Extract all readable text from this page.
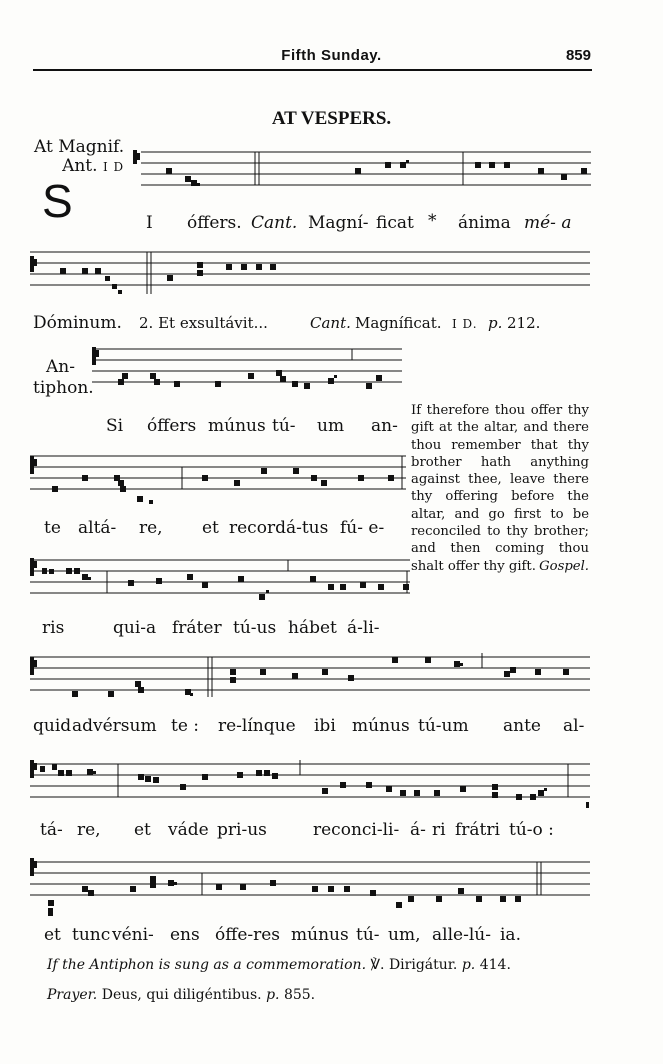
Fifth Sunday.	859
AT VESPERS.
At Magnif.
Ant. I D
S	I óffers. Cant. Magní- ficat * ánima mé- a
Dóminum. 2. Et exsultávit...	Cant. Magníficat. I D. p. 212.
An-
tiphon.
Si óffers múnus tú- um an-
te altá- re, et recordá-tus fú- e-
ris	qui-a fráter tú-us hábet á-li-
If therefore thou offer thy gift at the altar, and there thou remember that thy brother hath anything against thee, leave there thy offering before the altar, and go first to be reconciled to thy brother; and then coming thou shalt offer thy gift. Gospel.
quid advérsum te : re-línque ibi múnus tú-um ante al-
tá- re, et váde pri-us	reconci-li- á- ri frátri tú-o :
et tunc véni- ens óffe-res múnus tú- um, alle-lú- ia.
If the Antiphon is sung as a commemoration. ℣. Dirigátur. p. 414.
Prayer. Deus, qui diligéntibus. p. 855.
